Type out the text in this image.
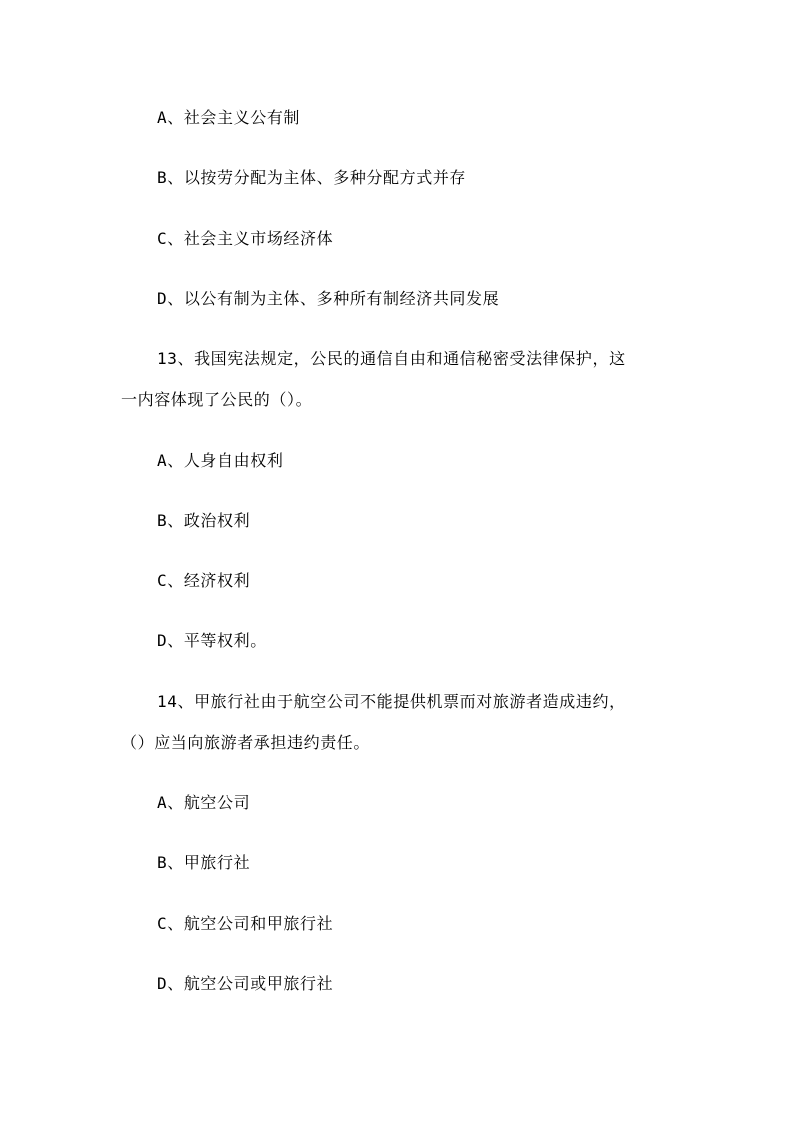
A、社会主义公有制
B、以按劳分配为主体、多种分配方式并存
C、社会主义市场经济体
D、以公有制为主体、多种所有制经济共同发展
13、我国宪法规定，公民的通信自由和通信秘密受法律保护，这
一内容体现了公民的（）。
A、人身自由权利
B、政治权利
C、经济权利
D、平等权利。
14、甲旅行社由于航空公司不能提供机票而对旅游者造成违约，
（）应当向旅游者承担违约责任。
A、航空公司
B、甲旅行社
C、航空公司和甲旅行社
D、航空公司或甲旅行社
